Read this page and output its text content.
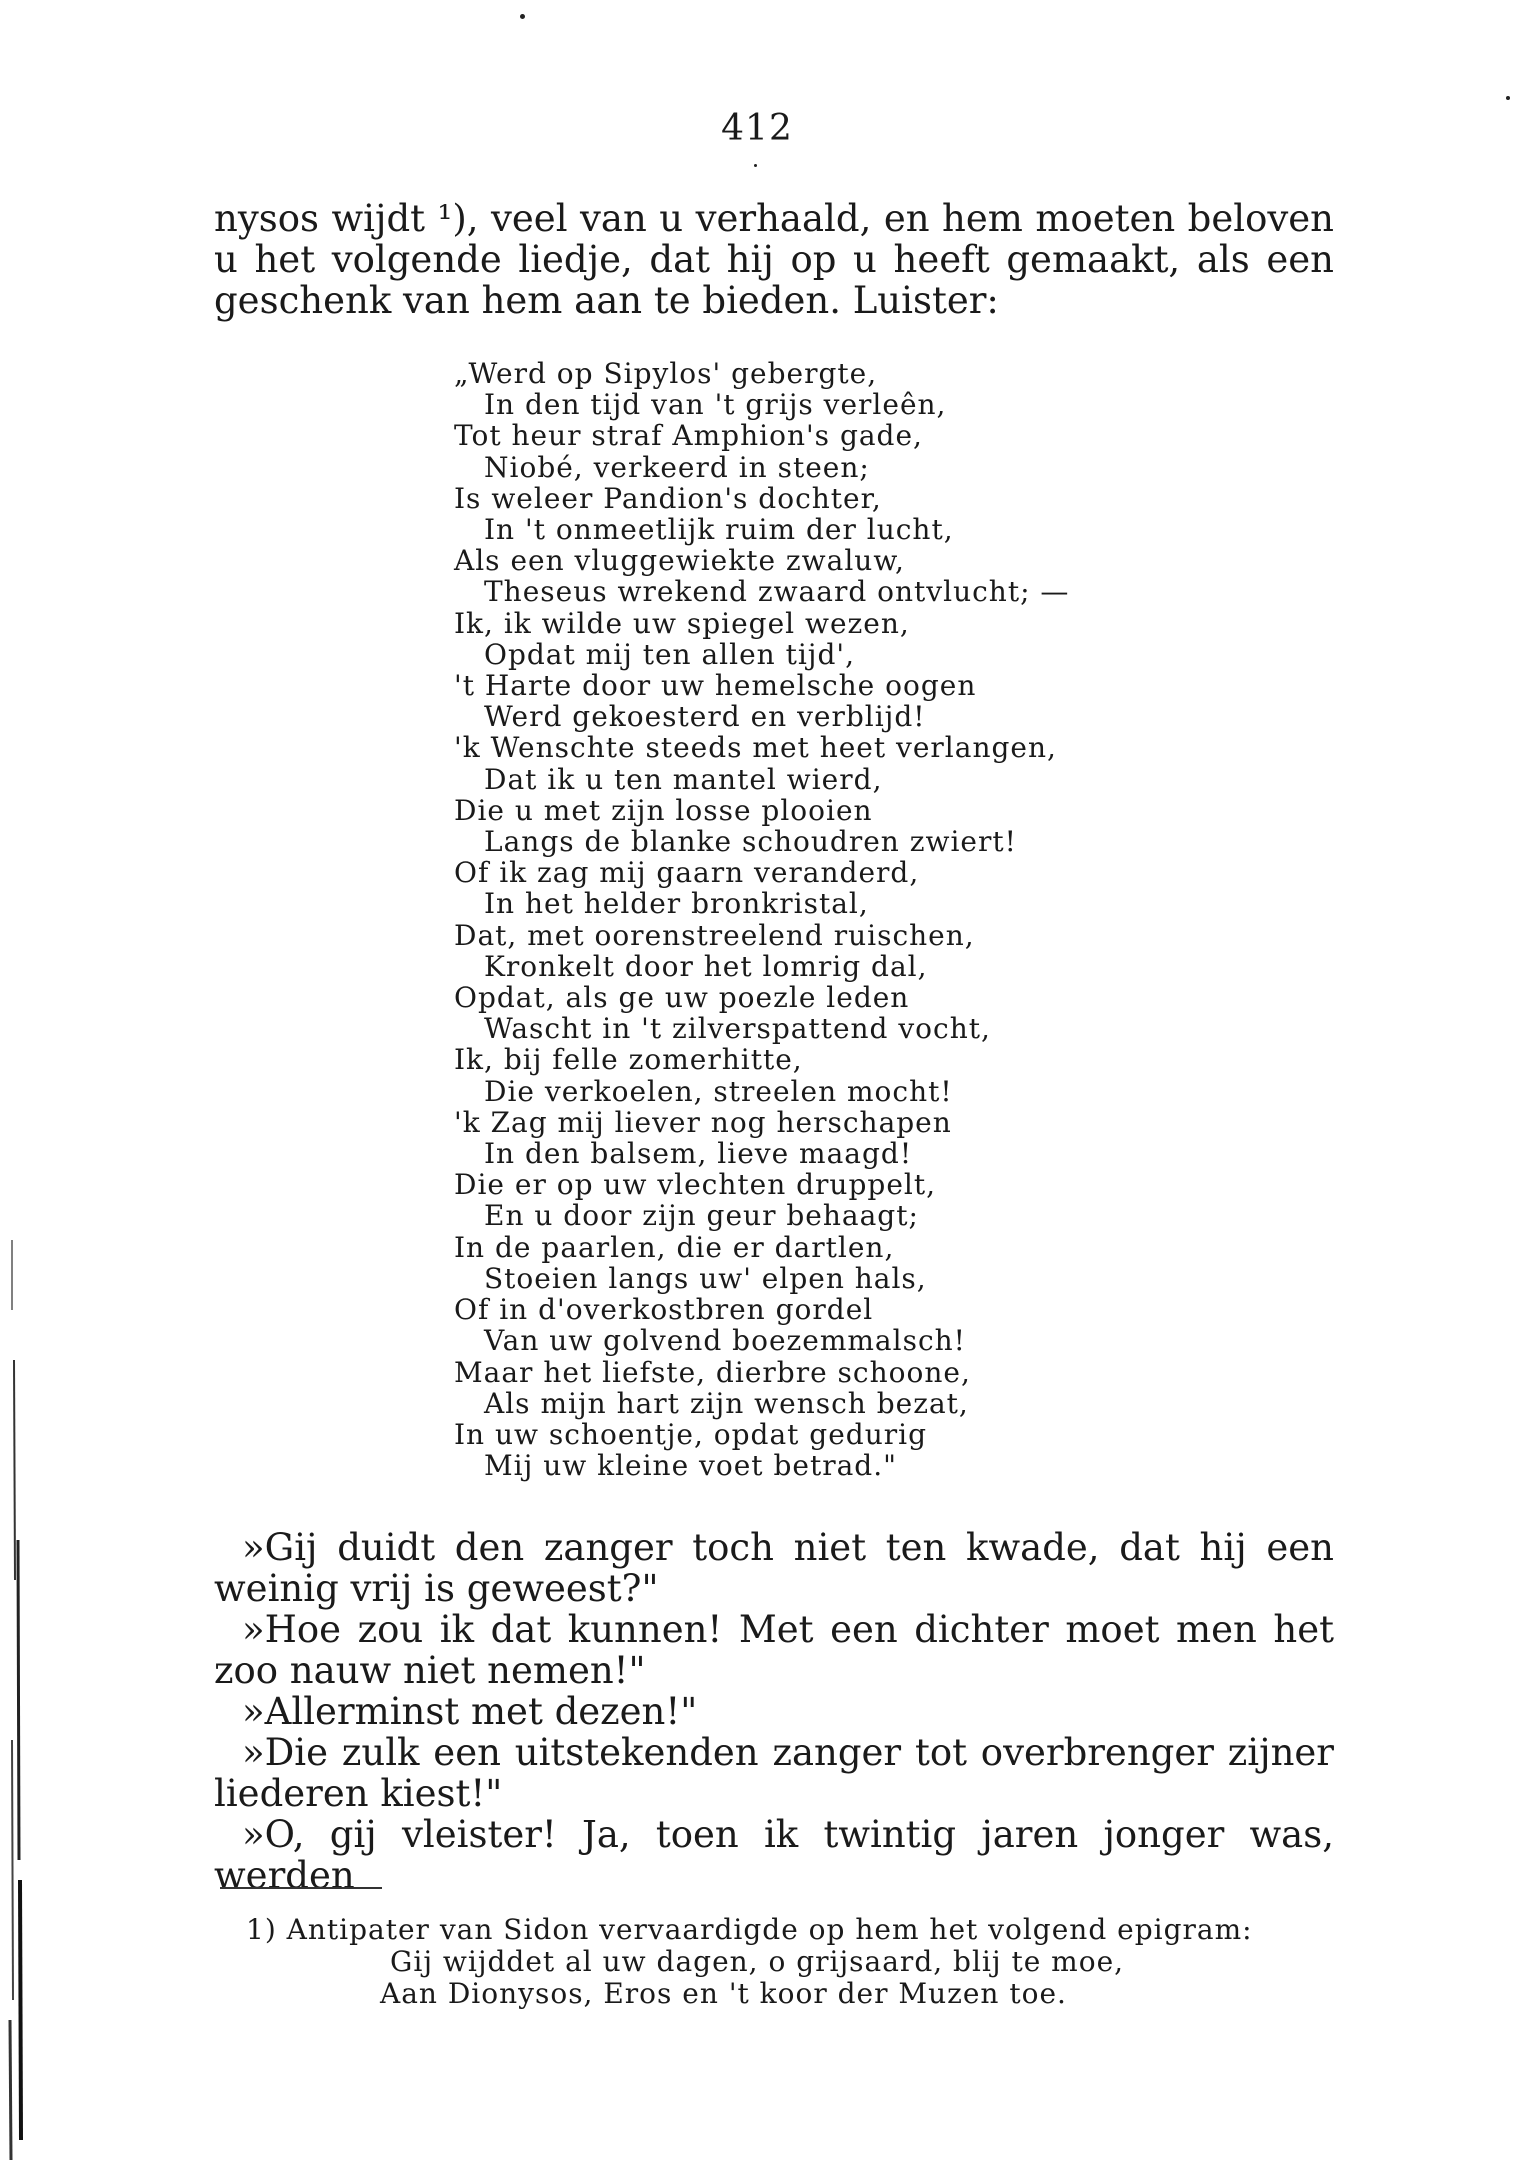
412

nysos wijdt ¹), veel van u verhaald, en hem moeten beloven u het volgende liedje, dat hij op u heeft gemaakt, als een geschenk van hem aan te bieden. Luister:

„Werd op Sipylos' gebergte,
In den tijd van 't grijs verleên,
Tot heur straf Amphion's gade,
Niobé, verkeerd in steen;
Is weleer Pandion's dochter,
In 't onmeetlijk ruim der lucht,
Als een vluggewiekte zwaluw,
Theseus wrekend zwaard ontvlucht; —
Ik, ik wilde uw spiegel wezen,
Opdat mij ten allen tijd',
't Harte door uw hemelsche oogen
Werd gekoesterd en verblijd!
'k Wenschte steeds met heet verlangen,
Dat ik u ten mantel wierd,
Die u met zijn losse plooien
Langs de blanke schoudren zwiert!
Of ik zag mij gaarn veranderd,
In het helder bronkristal,
Dat, met oorenstreelend ruischen,
Kronkelt door het lomrig dal,
Opdat, als ge uw poezle leden
Wascht in 't zilverspattend vocht,
Ik, bij felle zomerhitte,
Die verkoelen, streelen mocht!
'k Zag mij liever nog herschapen
In den balsem, lieve maagd!
Die er op uw vlechten druppelt,
En u door zijn geur behaagt;
In de paarlen, die er dartlen,
Stoeien langs uw' elpen hals,
Of in d'overkostbren gordel
Van uw golvend boezemmalsch!
Maar het liefste, dierbre schoone,
Als mijn hart zijn wensch bezat,
In uw schoentje, opdat gedurig
Mij uw kleine voet betrad."

»Gij duidt den zanger toch niet ten kwade, dat hij een weinig vrij is geweest?"

»Hoe zou ik dat kunnen! Met een dichter moet men het zoo nauw niet nemen!"

»Allerminst met dezen!"

»Die zulk een uitstekenden zanger tot overbrenger zijner liederen kiest!"

»O, gij vleister! Ja, toen ik twintig jaren jonger was, werden

1) Antipater van Sidon vervaardigde op hem het volgend epigram:
Gij wijddet al uw dagen, o grijsaard, blij te moe,
Aan Dionysos, Eros en 't koor der Muzen toe.
